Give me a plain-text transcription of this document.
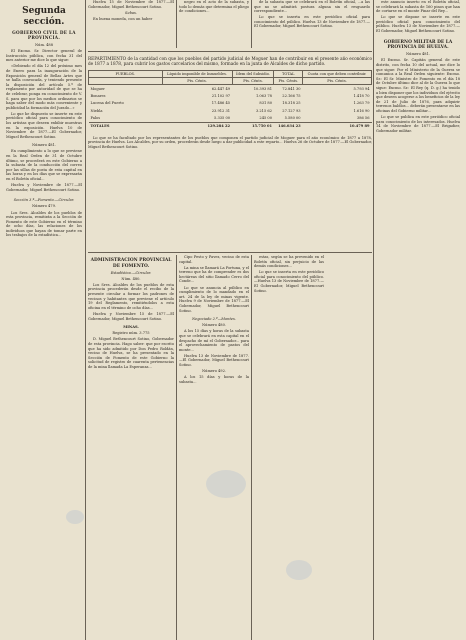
Segunda sección.

GOBIERNO CIVIL DE LA PROVINCIA.

Núm. 488

El Excmo. Sr. Director general de Instrucción pública, con fecha 31 del mes anterior me dice lo que sigue:

«Debiendo el día 12 del próximo mes de Enero para la inauguración de la Exposición general de Bellas Artes que se halla convocada, y teniendo presente la disposición del artículo 5.º de reglamento por autoridad de que se ha de celebrar, ponga en conocimiento de V. S. para que por los medios ordinarios se haga saber del modo más conveniente y publicidad la formación del Jurado...»

Lo que he dispuesto se inserte en este periódico oficial para conocimiento de los artistas que deseen exhibir muestras en la exposición. Huelva 10 de Noviembre de 1877.—El Gobernador, Miguel Bethencourt Sotino.

Número 481.

En cumplimiento a lo que se previene en la Real Orden de 31 de Octubre último, se procederá en este Gobierno a la subasta de la conducción del correo por las sillas de posta de esta capital en las horas y en los días que se expresarán en el Boletín oficial...

Huelva y Noviembre de 1877.—El Gobernador, Miguel Bethencourt Sotino.

Sección 3.ª—Fomento.—Circular.

Número 479.

Los Sres. Alcaldes de los pueblos de esta provincia, remitirán a la Sección de Fomento de este Gobierno en el término de ocho días, las relaciones de los individuos que hayan de tomar parte en los trabajos de la estadística...

Huelva 15 de Noviembre de 1877.—El Gobernador, Miguel Bethencourt Sotino.

Sebas.

En buena moneda, con un haber

negro en el acto de la subasta, y todo lo demás que determina el pliego de condiciones...

de la subasta que se celebrará en el Boletín oficial, ...a las que no se admitirá postura alguna sin el resguardo correspondiente...

Lo que se inserta en este periódico oficial para conocimiento del público. Huelva 13 de Noviembre de 1877.—El Gobernador, Miguel Bethencourt Sotino.

REPARTIMIENTO de la cantidad con que los pueblos del partido judicial de Moguer han de contribuir en el presente año económico de 1877 a 1878, para cubrir los gastos carcelarios del mismo, formado en la junta de Alcaldes de dicho partido.
PUEBLOS.	Líquido imponible de Inmuebles.	Ídem del Subsidio.	TOTAL	Cuota con que deben contribuir.
	Pts. Cénts.	Pts. Cénts.	Pts. Cénts.	Pts. Cénts.
Moguer	62.447 49	10.393 81	72.841 30	5.793 94
Bonares	21.102 97	1.063 78	22.166 75	1.418 70
Lucena del Puerto	17.486 45	831 80	18.318 25	1.263 79
Niebla	23.912 31	3.215 62	27.127 93	1.616 90
Palos	5.335 00	245 00	5.580 00	386 56
TOTALES	129.284 22	15.750 01	146.034 23	10.479 89
Lo que se ha facultado por los representantes de los pueblos que componen el partido judicial de Moguer para el año económico de 1877 a 1878, provincia de Huelva. Los Alcaldes, por su orden, procederán desde luego a dar publicidad a este reparto... Huelva 26 de Octubre de 1877.—El Gobernador, Miguel Bethencourt Sotino.

ADMINISTRACION PROVINCIAL DE FOMENTO.

Estadística.—Circular.

Núm. 480.

Los Sres. Alcaldes de los pueblos de esta provincia procederán desde el recibo de la presente circular a formar los padrones de vecinos y habitantes que previene el artículo 19 del Reglamento, remitiéndolos a esta oficina en el término de ocho días...

Huelva y Noviembre 15 de 1877.—El Gobernador, Miguel Bethencourt Sotino.

MINAS.

Registro núm. 3.775

D. Miguel Bethencourt Sotino, Gobernador de esta provincia. Hago saber: que por escrito que ha sido admitido por Don Pedro Roldán, vecino de Huelva, se ha presentado en la Sección de Fomento de este Gobierno la solicitud de registro de cuarenta pertenencias de la mina llamada La Esperanza...

Cipo Pesto y Pavez, vecino de esta capital.

La mina se llamará La Fortuna, y el terreno que ha de comprender es dos hectáreas del sitio llamado Cerro del Conde...

Lo que se anuncia al público en cumplimiento de lo mandado en el art. 24 de la ley de minas vigente. Huelva 9 de Noviembre de 1877.—El Gobernador, Miguel Bethencourt Sotino.

Negociado 2.º—Montes.

Número 480.

A los 15 días y horas de la subasta que se celebrará en esta capital en el despacho de mí el Gobernador... para el aprovechamiento de pastos del monte...

Huelva 13 de Noviembre de 1877.—El Gobernador, Miguel Bethencourt Sotino.

Número 492.

A los 15 días y horas de la subasta...

estas, según se ha prevenido en el Boletín oficial, sin perjuicio de las demás condiciones...

Lo que se inserta en este periódico oficial para conocimiento del público.—Huelva 13 de Noviembre de 1877.—El Gobernador, Miguel Bethencourt Sotino.

este anuncio inserto en el Boletín oficial, se celebrará la subasta de 160 pinos que han de cortarse en el monte Pinar del Rey...

Lo que se dispone se inserte en este periódico oficial para conocimiento del público. Huelva 13 de Noviembre de 1877.—El Gobernador, Miguel Bethencourt Sotino.

GOBIERNO MILITAR DE LA PROVINCIA DE HUELVA.

Número 481.

El Excmo. Sr. Capitán general de este distrito, con fecha 10 del actual, me dice lo que sigue: Por el Ministerio de la Guerra se comunica a la Real Orden siguiente: Excmo. Sr.: El Sr. Ministro de Fomento en el día 18 de Octubre último dice al de la Guerra lo que sigue: Excmo. Sr.: El Rey (q. D. g.) ha tenido a bien disponer que los individuos del ejército que deseen acogerse a los beneficios de la ley de 21 de Julio de 1876, para adquirir terrenos baldíos... deberán presentarse en las oficinas del Gobierno militar...

Lo que se publica en este periódico oficial para conocimiento de los interesados. Huelva 14 de Noviembre de 1877.—El Brigadier, Gobernador militar.
